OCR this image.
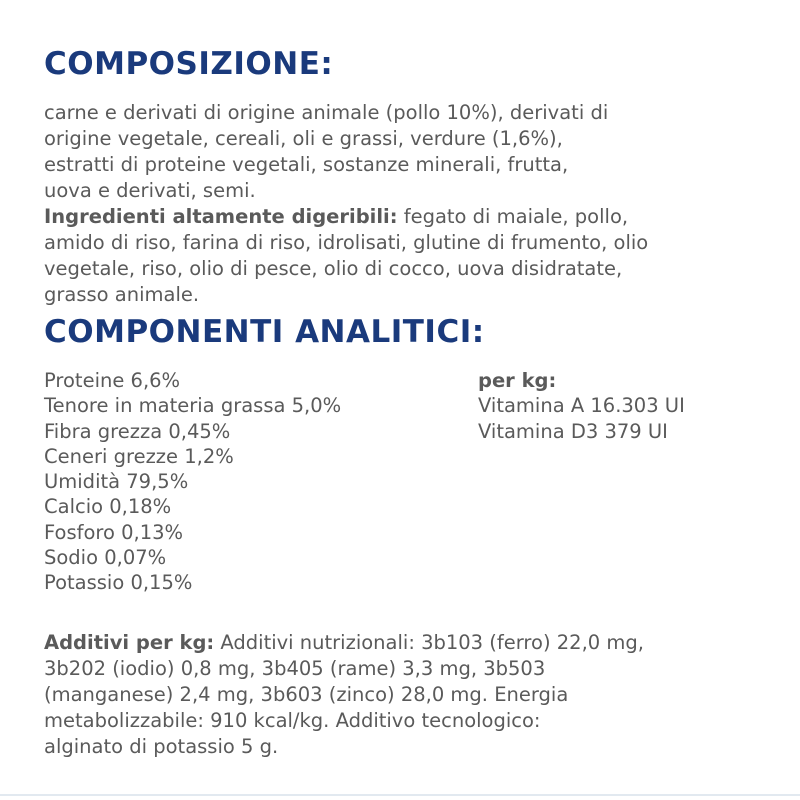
COMPOSIZIONE:

carne e derivati di origine animale (pollo 10%), derivati di
origine vegetale, cereali, oli e grassi, verdure (1,6%),
estratti di proteine vegetali, sostanze minerali, frutta,
uova e derivati, semi.

Ingredienti altamente digeribili: fegato di maiale, pollo,
amido di riso, farina di riso, idrolisati, glutine di frumento, olio
vegetale, riso, olio di pesce, olio di cocco, uova disidratate,
grasso animale.

COMPONENTI ANALITICI:
Proteine 6,6%
Tenore in materia grassa 5,0%
Fibra grezza 0,45%
Ceneri grezze 1,2%
Umidità 79,5%
Calcio 0,18%
Fosforo 0,13%
Sodio 0,07%
Potassio 0,15%
per kg:
Vitamina A 16.303 UI
Vitamina D3 379 UI

Additivi per kg: Additivi nutrizionali: 3b103 (ferro) 22,0 mg,
3b202 (iodio) 0,8 mg, 3b405 (rame) 3,3 mg, 3b503
(manganese) 2,4 mg, 3b603 (zinco) 28,0 mg. Energia
metabolizzabile: 910 kcal/kg. Additivo tecnologico:
alginato di potassio 5 g.
